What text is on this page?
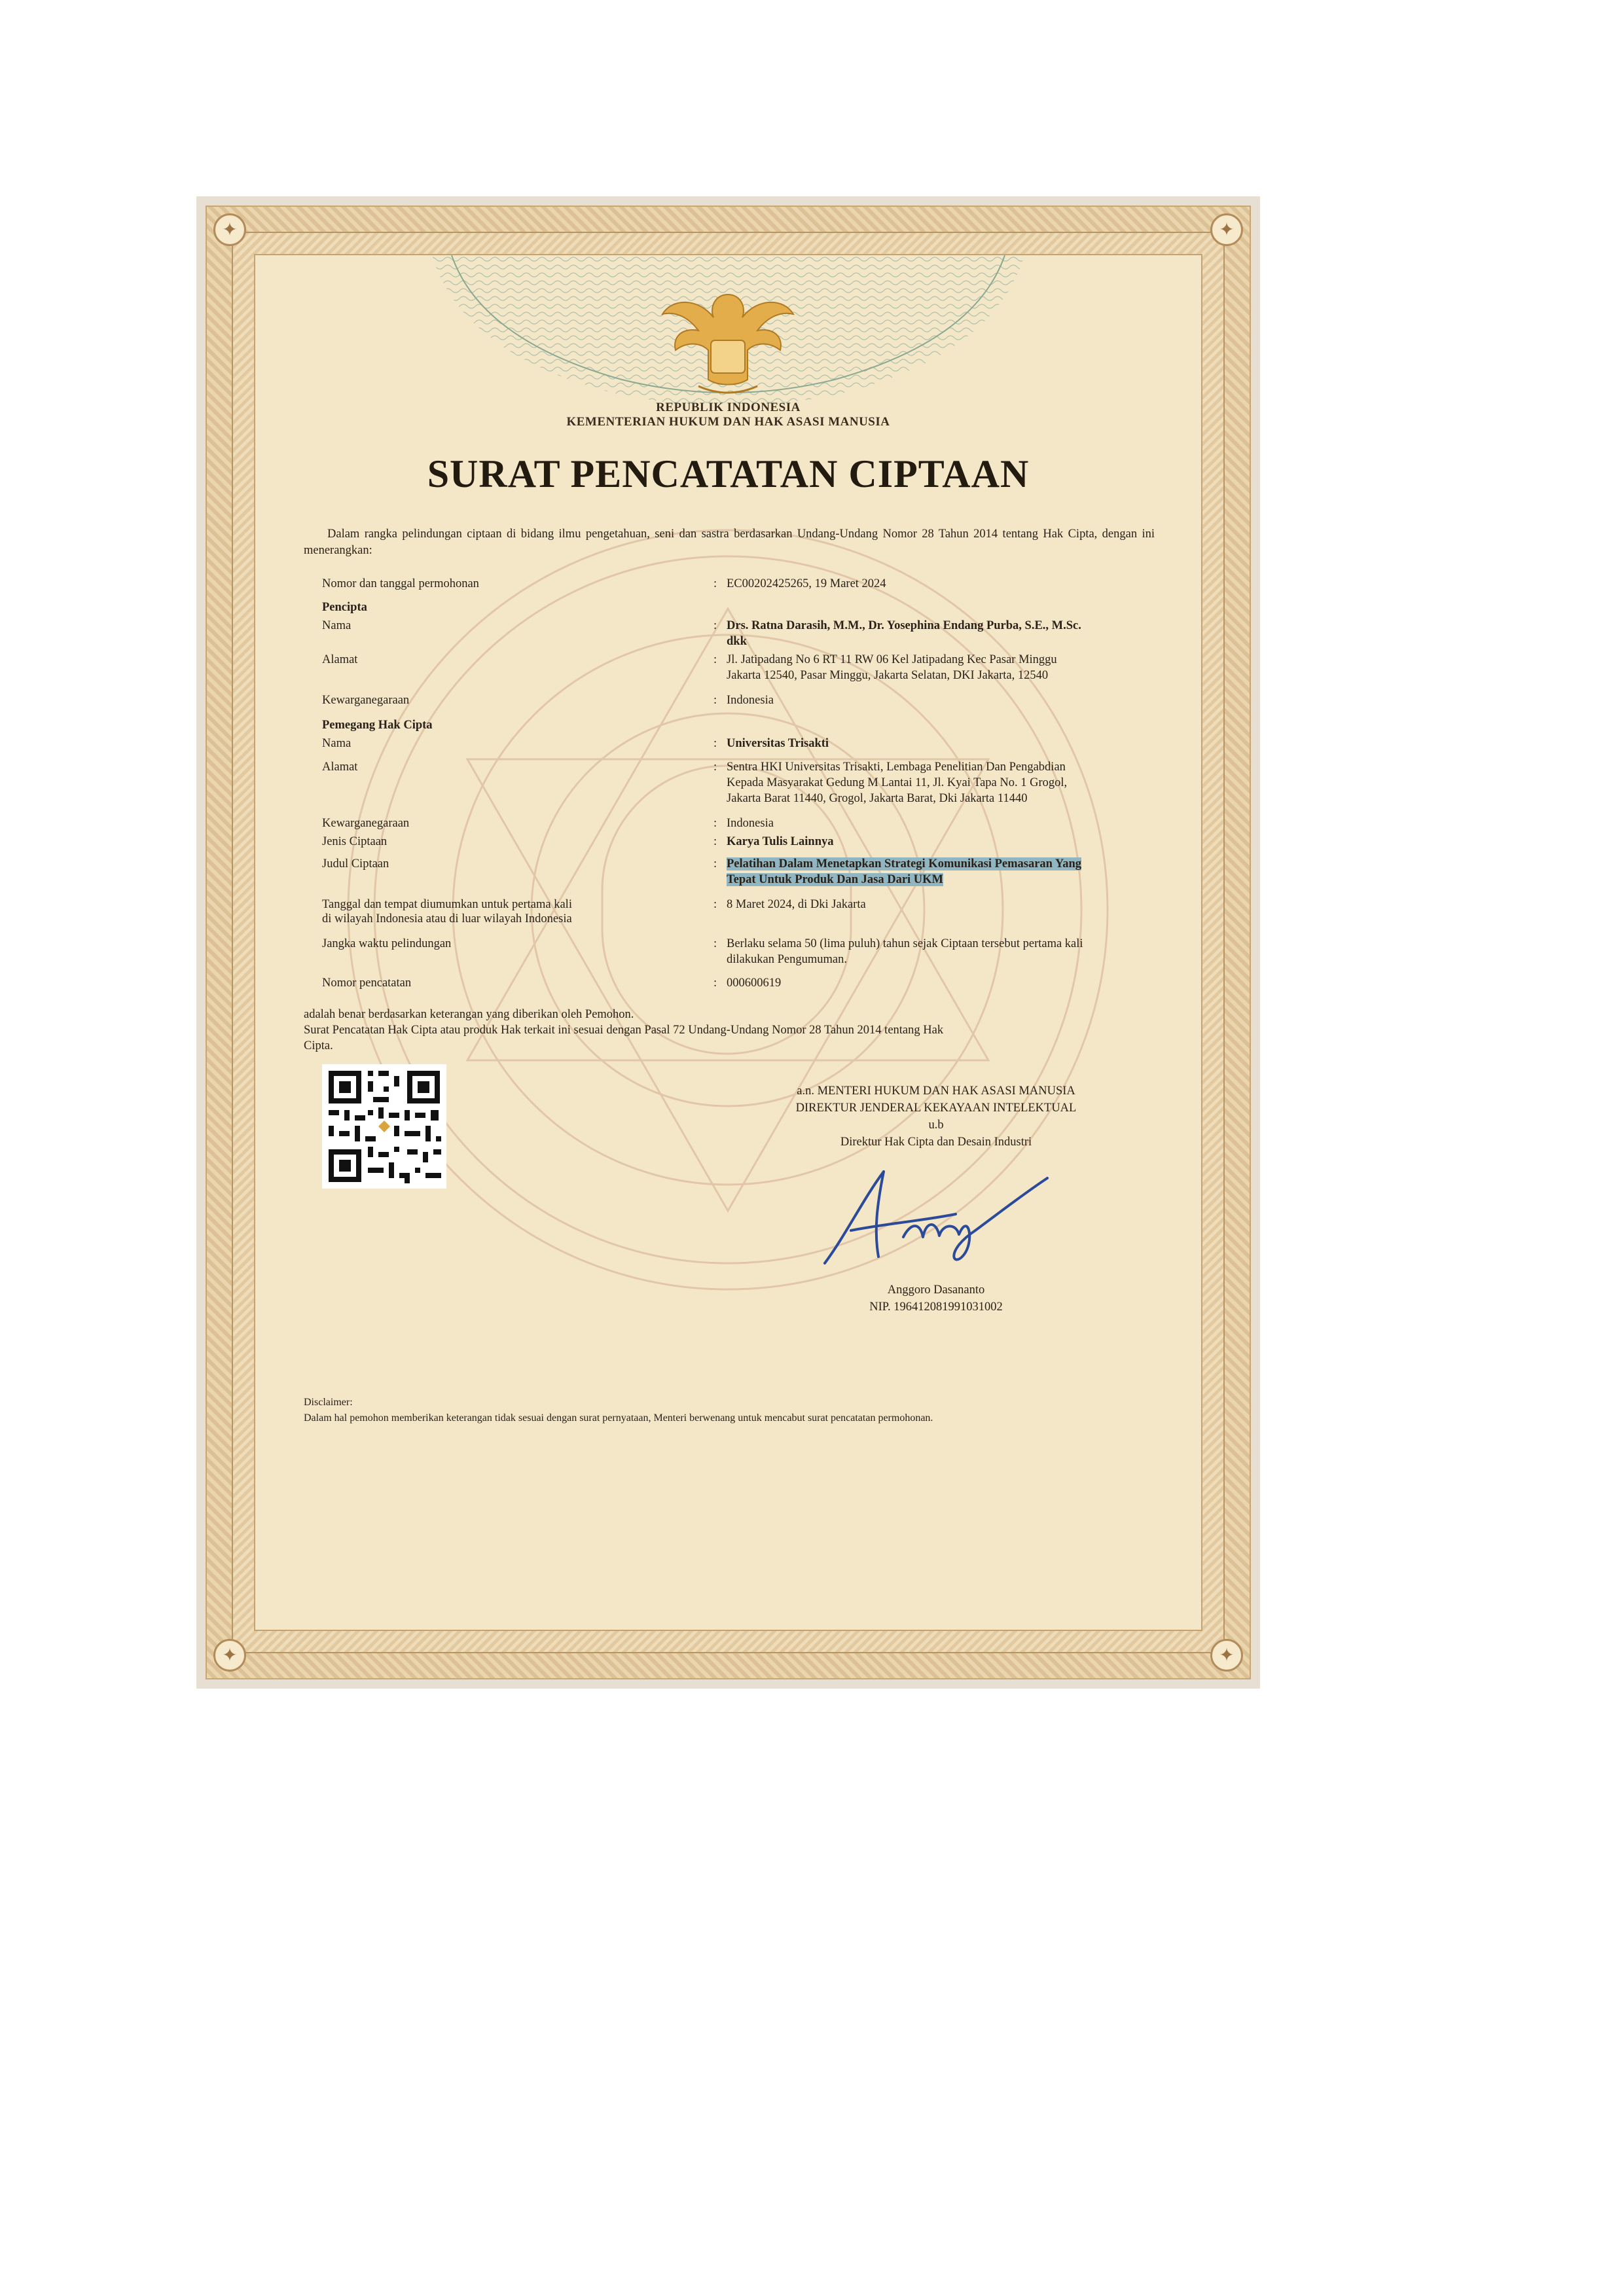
✦	✦
✦	✦
REPUBLIK INDONESIA
KEMENTERIAN HUKUM DAN HAK ASASI MANUSIA
SURAT PENCATATAN CIPTAAN
Dalam rangka pelindungan ciptaan di bidang ilmu pengetahuan, seni dan sastra berdasarkan Undang-Undang Nomor 28 Tahun 2014 tentang Hak Cipta, dengan ini menerangkan:
Nomor dan tanggal permohonan	: EC00202425265, 19 Maret 2024
Pencipta
Nama	: Drs. Ratna Darasih, M.M., Dr. Yosephina Endang Purba, S.E., M.Sc.
dkk
Alamat	: Jl. Jatipadang No 6 RT 11 RW 06 Kel Jatipadang Kec Pasar Minggu
Jakarta 12540, Pasar Minggu, Jakarta Selatan, DKI Jakarta, 12540
Kewarganegaraan	: Indonesia
Pemegang Hak Cipta
Nama	: Universitas Trisakti
Alamat	: Sentra HKI Universitas Trisakti, Lembaga Penelitian Dan Pengabdian
Kepada Masyarakat Gedung M Lantai 11, Jl. Kyai Tapa No. 1 Grogol,
Jakarta Barat 11440, Grogol, Jakarta Barat, Dki Jakarta 11440
Kewarganegaraan	: Indonesia
Jenis Ciptaan	: Karya Tulis Lainnya
Judul Ciptaan	: Pelatihan Dalam Menetapkan Strategi Komunikasi Pemasaran Yang
Tepat Untuk Produk Dan Jasa Dari UKM
Tanggal dan tempat diumumkan untuk pertama kali
di wilayah Indonesia atau di luar wilayah Indonesia
: 8 Maret 2024, di Dki Jakarta
Jangka waktu pelindungan	: Berlaku selama 50 (lima puluh) tahun sejak Ciptaan tersebut pertama kali
dilakukan Pengumuman.
Nomor pencatatan	: 000600619
adalah benar berdasarkan keterangan yang diberikan oleh Pemohon.
Surat Pencatatan Hak Cipta atau produk Hak terkait ini sesuai dengan Pasal 72 Undang-Undang Nomor 28 Tahun 2014 tentang Hak
Cipta.
a.n. MENTERI HUKUM DAN HAK ASASI MANUSIA
DIREKTUR JENDERAL KEKAYAAN INTELEKTUAL
u.b
Direktur Hak Cipta dan Desain Industri
Anggoro Dasananto
NIP. 196412081991031002
Disclaimer:
Dalam hal pemohon memberikan keterangan tidak sesuai dengan surat pernyataan, Menteri berwenang untuk mencabut surat pencatatan permohonan.
